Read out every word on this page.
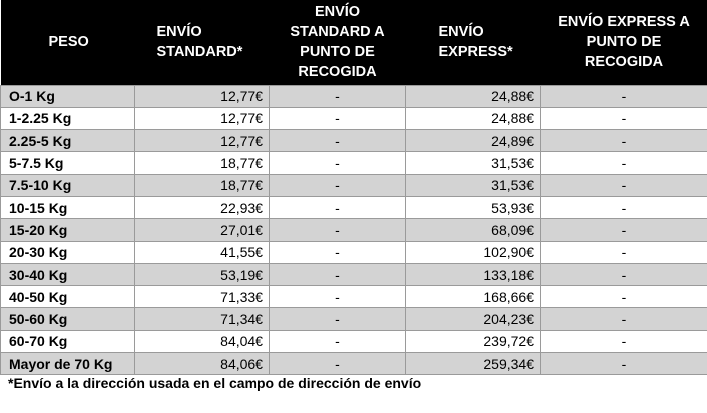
PESO	ENVÍO STANDARD*	ENVÍO STANDARD A PUNTO DE RECOGIDA	ENVÍO EXPRESS*	ENVÍO EXPRESS A PUNTO DE RECOGIDA
O-1 Kg	12,77€	-	24,88€	-
1-2.25 Kg	12,77€	-	24,88€	-
2.25-5 Kg	12,77€	-	24,89€	-
5-7.5 Kg	18,77€	-	31,53€	-
7.5-10 Kg	18,77€	-	31,53€	-
10-15 Kg	22,93€	-	53,93€	-
15-20 Kg	27,01€	-	68,09€	-
20-30 Kg	41,55€	-	102,90€	-
30-40 Kg	53,19€	-	133,18€	-
40-50 Kg	71,33€	-	168,66€	-
50-60 Kg	71,34€	-	204,23€	-
60-70 Kg	84,04€	-	239,72€	-
Mayor de 70 Kg	84,06€	-	259,34€	-
*Envío a la dirección usada en el campo de dirección de envío
